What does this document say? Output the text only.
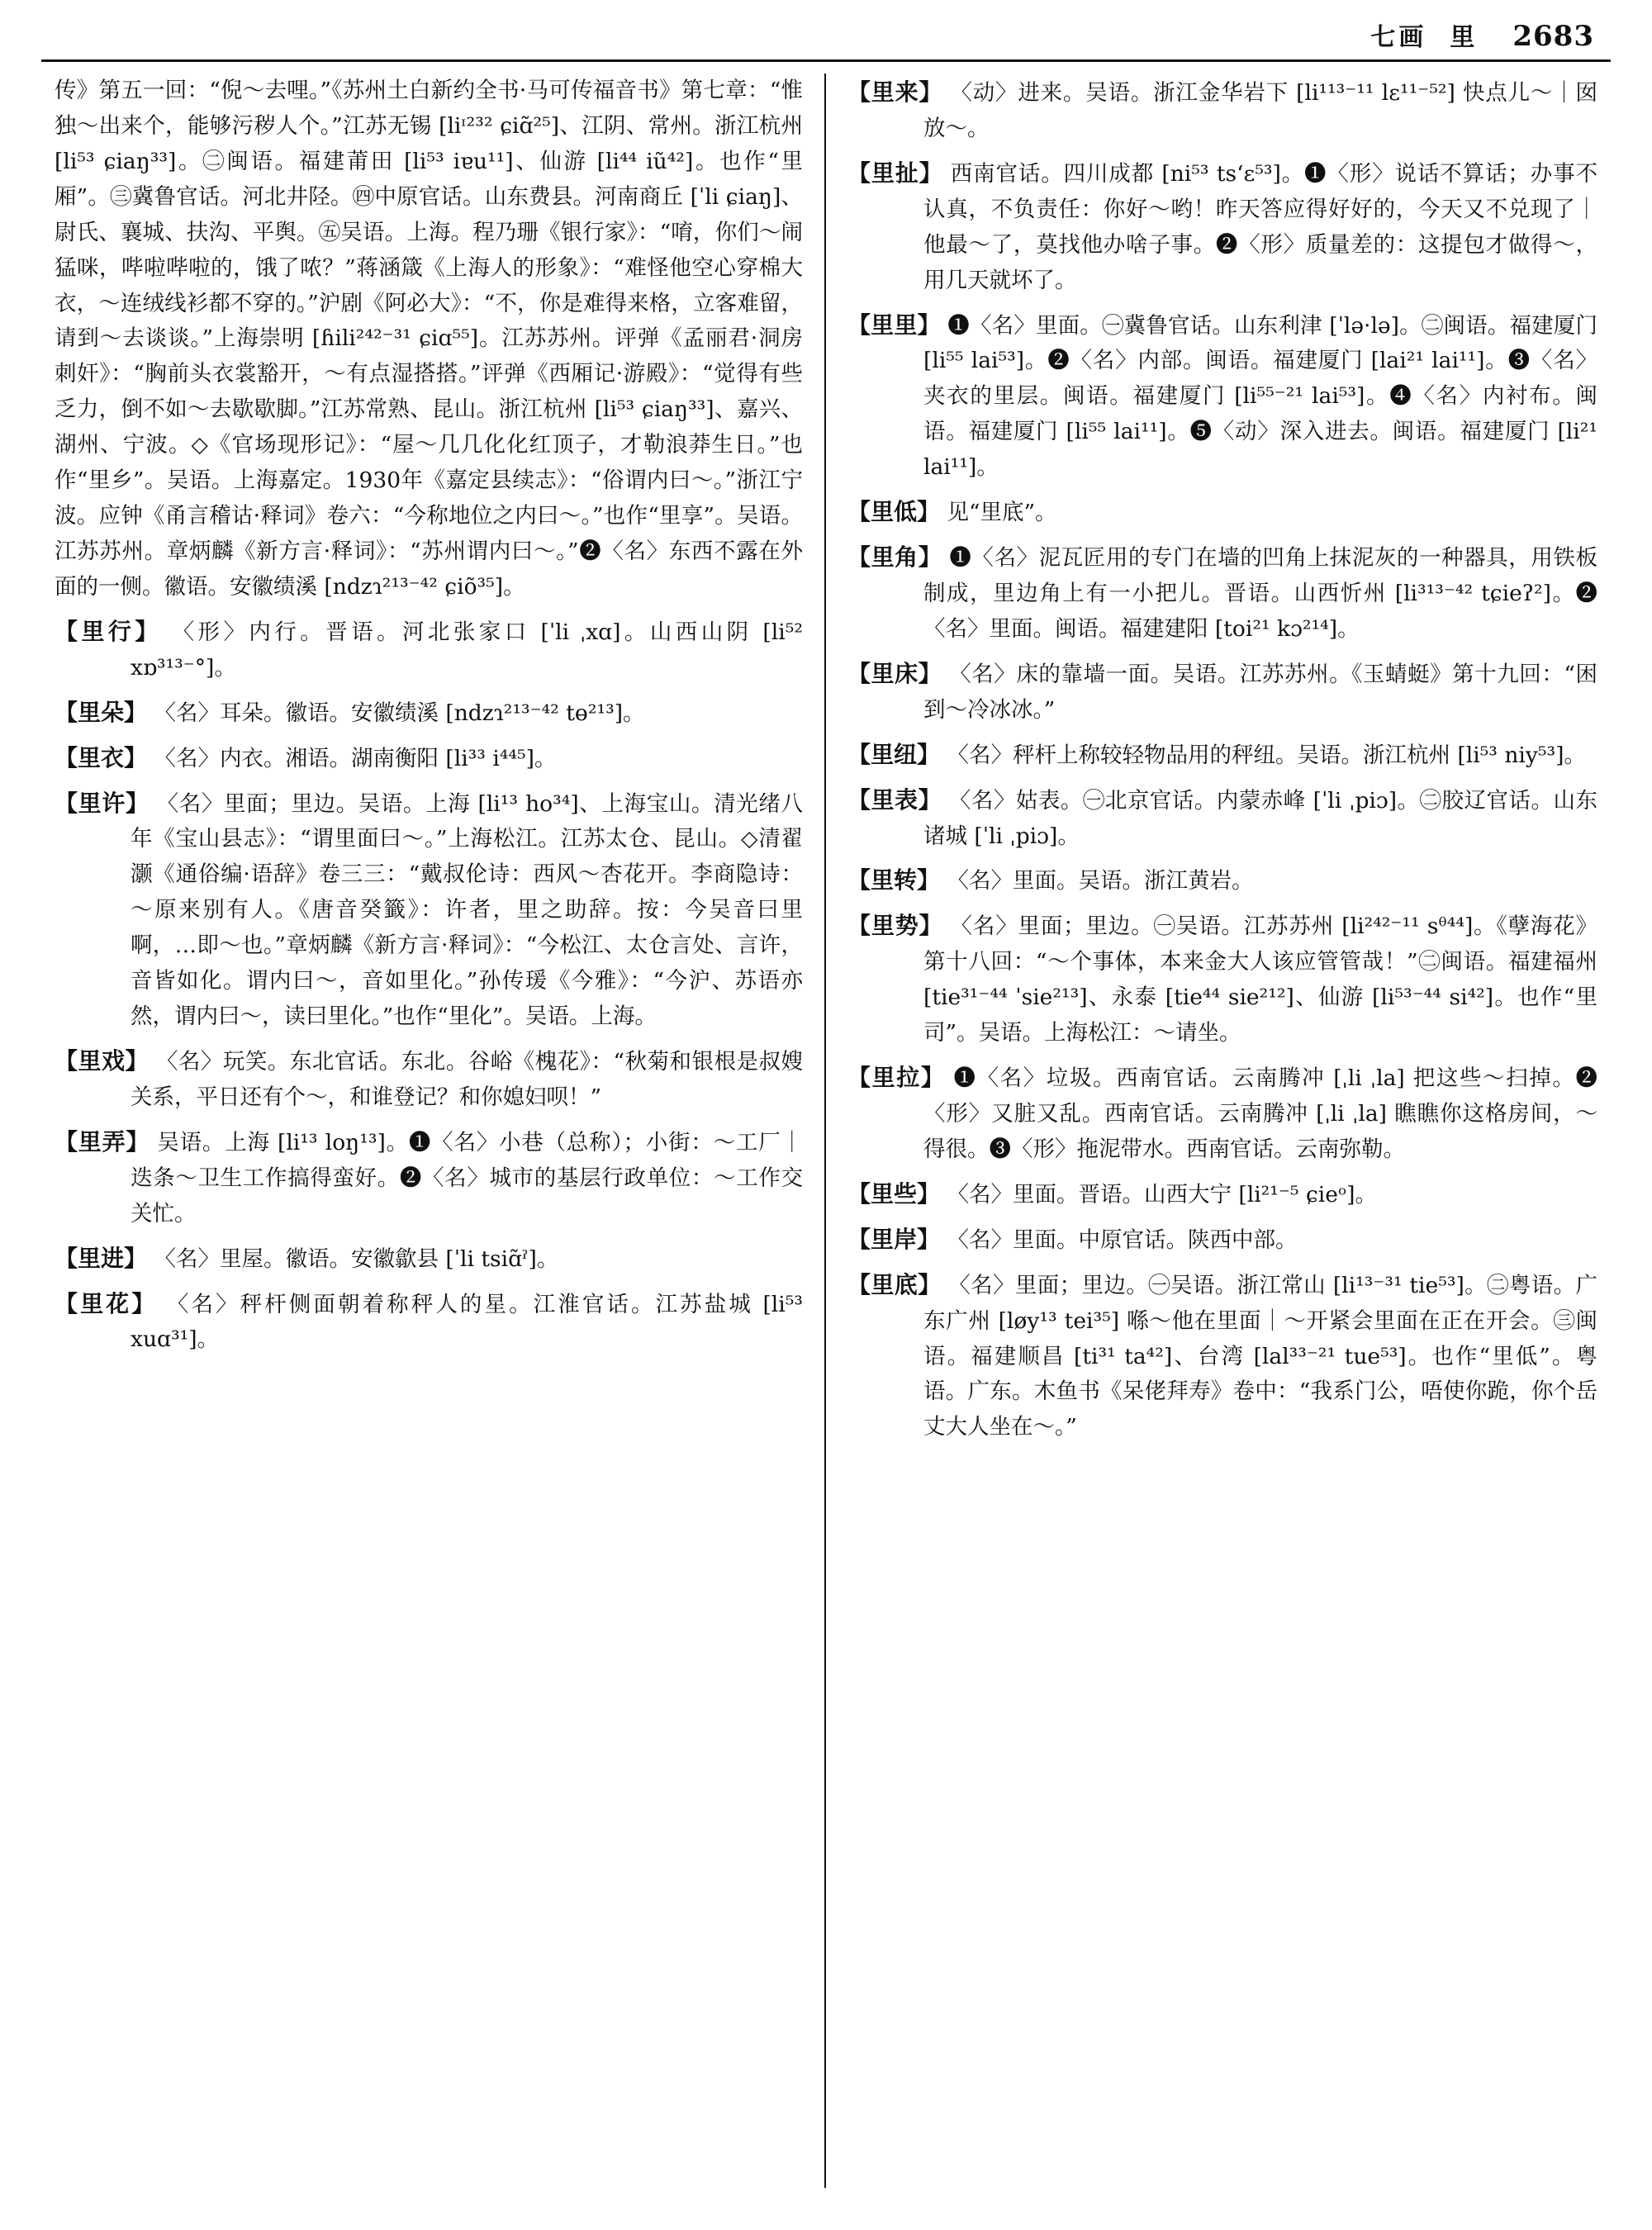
七画 里 2683
传》第五一回：“倪～去哩。”《苏州土白新约全书·马可传福音书》第七章：“惟独～出来个，能够污秽人个。”江苏无锡 [liᶦ²³² ɕiɑ̃²⁵]、江阴、常州。浙江杭州 [li⁵³ ɕiaŋ³³]。㊁闽语。福建莆田 [li⁵³ iɐu¹¹]、仙游 [li⁴⁴ iũ⁴²]。也作“里厢”。㊂冀鲁官话。河北井陉。㊃中原官话。山东费县。河南商丘 [ˈli ɕiaŋ]、尉氏、襄城、扶沟、平舆。㊄吴语。上海。程乃珊《银行家》：“唷，你们～闹猛咪，哔啦哔啦的，饿了哝？”蒋涵箴《上海人的形象》：“难怪他空心穿棉大衣，～连绒线衫都不穿的。”沪剧《阿必大》：“不，你是难得来格，立客难留，请到～去谈谈。”上海崇明 [ɦili²⁴²⁻³¹ ɕiɑ⁵⁵]。江苏苏州。评弹《孟丽君·洞房刺奸》：“胸前头衣裳豁开，～有点湿搭搭。”评弹《西厢记·游殿》：“觉得有些乏力，倒不如～去歇歇脚。”江苏常熟、昆山。浙江杭州 [li⁵³ ɕiaŋ³³]、嘉兴、湖州、宁波。◇《官场现形记》：“屋～几几化化红顶子，才勒浪莽生日。”也作“里乡”。吴语。上海嘉定。1930年《嘉定县续志》：“俗谓内曰～。”浙江宁波。应钟《甬言稽诂·释词》卷六：“今称地位之内曰～。”也作“里享”。吴语。江苏苏州。章炳麟《新方言·释词》：“苏州谓内曰～。”❷〈名〉东西不露在外面的一侧。徽语。安徽绩溪 [ndzɿ²¹³⁻⁴² ɕiõ³⁵]。
【里行】 〈形〉内行。晋语。河北张家口 [ˈli ˌxɑ]。山西山阴 [li⁵² xɒ³¹³⁻°]。
【里朵】 〈名〉耳朵。徽语。安徽绩溪 [ndzɿ²¹³⁻⁴² tɵ²¹³]。
【里衣】 〈名〉内衣。湘语。湖南衡阳 [li³³ i⁴⁴⁵]。
【里许】 〈名〉里面；里边。吴语。上海 [li¹³ ho³⁴]、上海宝山。清光绪八年《宝山县志》：“谓里面曰～。”上海松江。江苏太仓、昆山。◇清翟灏《通俗编·语辞》卷三三：“戴叔伦诗：西风～杏花开。李商隐诗：～原来别有人。《唐音癸籤》：许者，里之助辞。按：今吴音曰里啊，…即～也。”章炳麟《新方言·释词》：“今松江、太仓言处、言许，音皆如化。谓内曰～，音如里化。”孙传瑗《今雅》：“今沪、苏语亦然，谓内曰～，读曰里化。”也作“里化”。吴语。上海。
【里戏】 〈名〉玩笑。东北官话。东北。谷峪《槐花》：“秋菊和银根是叔嫂关系，平日还有个～，和谁登记？和你媳妇呗！”
【里弄】 吴语。上海 [li¹³ loŋ¹³]。❶〈名〉小巷（总称）；小街：～工厂｜迭条～卫生工作搞得蛮好。❷〈名〉城市的基层行政单位：～工作交关忙。
【里进】 〈名〉里屋。徽语。安徽歙县 [ˈli tsiɑ̃ˀ]。
【里花】 〈名〉秤杆侧面朝着称秤人的星。江淮官话。江苏盐城 [li⁵³ xuɑ³¹]。
【里来】 〈动〉进来。吴语。浙江金华岩下 [li¹¹³⁻¹¹ lɛ¹¹⁻⁵²] 快点儿～｜囡放～。
【里扯】 西南官话。四川成都 [ni⁵³ tsʻɛ⁵³]。❶〈形〉说话不算话；办事不认真，不负责任：你好～哟！昨天答应得好好的，今天又不兑现了｜他最～了，莫找他办啥子事。❷〈形〉质量差的：这提包才做得～，用几天就坏了。
【里里】 ❶〈名〉里面。㊀冀鲁官话。山东利津 [ˈlə·lə]。㊁闽语。福建厦门 [li⁵⁵ lai⁵³]。❷〈名〉内部。闽语。福建厦门 [lai²¹ lai¹¹]。❸〈名〉夹衣的里层。闽语。福建厦门 [li⁵⁵⁻²¹ lai⁵³]。❹〈名〉内衬布。闽语。福建厦门 [li⁵⁵ lai¹¹]。❺〈动〉深入进去。闽语。福建厦门 [li²¹ lai¹¹]。
【里低】 见“里底”。
【里角】 ❶〈名〉泥瓦匠用的专门在墙的凹角上抹泥灰的一种器具，用铁板制成，里边角上有一小把儿。晋语。山西忻州 [li³¹³⁻⁴² tɕieʔ²]。❷〈名〉里面。闽语。福建建阳 [toi²¹ kɔ²¹⁴]。
【里床】 〈名〉床的靠墙一面。吴语。江苏苏州。《玉蜻蜓》第十九回：“困到～冷冰冰。”
【里纽】 〈名〉秤杆上称较轻物品用的秤纽。吴语。浙江杭州 [li⁵³ niy⁵³]。
【里表】 〈名〉姑表。㊀北京官话。内蒙赤峰 [ˈli ˌpiɔ]。㊁胶辽官话。山东诸城 [ˈli ˌpiɔ]。
【里转】 〈名〉里面。吴语。浙江黄岩。
【里势】 〈名〉里面；里边。㊀吴语。江苏苏州 [li²⁴²⁻¹¹ sᶿ⁴⁴]。《孽海花》第十八回：“～个事体，本来金大人该应管管哉！”㊁闽语。福建福州 [tie³¹⁻⁴⁴ ˈsie²¹³]、永泰 [tie⁴⁴ sie²¹²]、仙游 [li⁵³⁻⁴⁴ si⁴²]。也作“里司”。吴语。上海松江：～请坐。
【里拉】 ❶〈名〉垃圾。西南官话。云南腾冲 [ˌli ˌla] 把这些～扫掉。❷〈形〉又脏又乱。西南官话。云南腾冲 [ˌli ˌla] 瞧瞧你这格房间，～得很。❸〈形〉拖泥带水。西南官话。云南弥勒。
【里些】 〈名〉里面。晋语。山西大宁 [li²¹⁻⁵ ɕieᵒ]。
【里岸】 〈名〉里面。中原官话。陕西中部。
【里底】 〈名〉里面；里边。㊀吴语。浙江常山 [li¹³⁻³¹ tie⁵³]。㊁粤语。广东广州 [løy¹³ tei³⁵] 喺～他在里面｜～开紧会里面在正在开会。㊂闽语。福建顺昌 [ti³¹ ta⁴²]、台湾 [lal³³⁻²¹ tue⁵³]。也作“里低”。粤语。广东。木鱼书《呆佬拜寿》卷中：“我系门公，唔使你跪，你个岳丈大人坐在～。”
